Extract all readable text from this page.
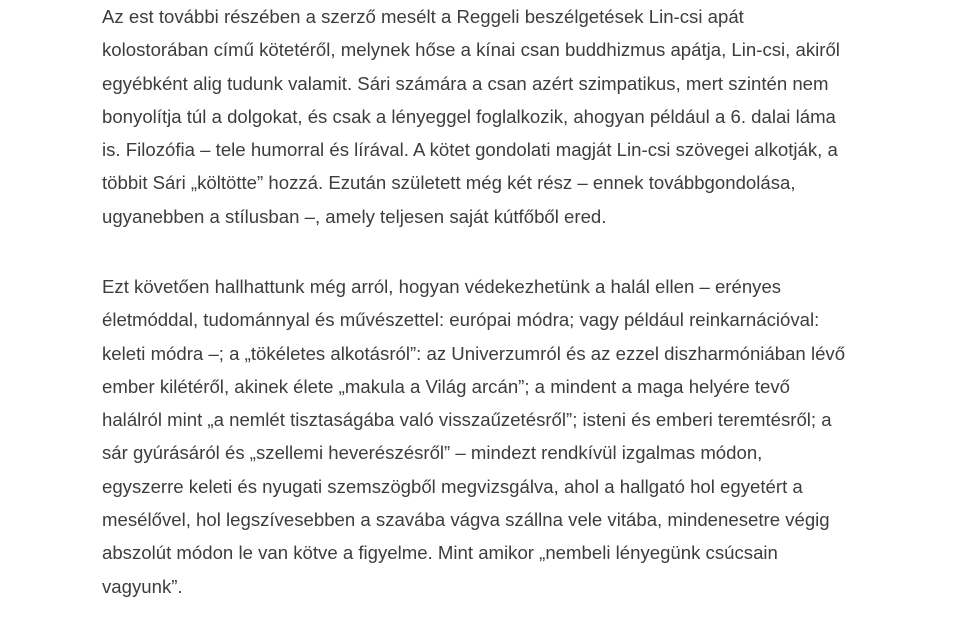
Az est további részében a szerző mesélt a Reggeli beszélgetések Lin-csi apát
kolostorában című kötetéről, melynek hőse a kínai csan buddhizmus apátja, Lin-csi, akiről
egyébként alig tudunk valamit. Sári számára a csan azért szimpatikus, mert szintén nem
bonyolítja túl a dolgokat, és csak a lényeggel foglalkozik, ahogyan például a 6. dalai láma
is. Filozófia – tele humorral és lírával. A kötet gondolati magját Lin-csi szövegei alkotják, a
többit Sári „költötte” hozzá. Ezután született még két rész – ennek továbbgondolása,
ugyanebben a stílusban –, amely teljesen saját kútfőből ered.

Ezt követően hallhattunk még arról, hogyan védekezhetünk a halál ellen – erényes
életmóddal, tudománnyal és művészettel: európai módra; vagy például reinkarnációval:
keleti módra –; a „tökéletes alkotásról”: az Univerzumról és az ezzel diszharmóniában lévő
ember kilétéről, akinek élete „makula a Világ arcán”; a mindent a maga helyére tevő
halálról mint „a nemlét tisztaságába való visszaűzetésről”; isteni és emberi teremtésről; a
sár gyúrásáról és „szellemi heverészésről” – mindezt rendkívül izgalmas módon,
egyszerre keleti és nyugati szemszögből megvizsgálva, ahol a hallgató hol egyetért a
mesélővel, hol legszívesebben a szavába vágva szállna vele vitába, mindenesetre végig
abszolút módon le van kötve a figyelme. Mint amikor „nembeli lényegünk csúcsain
vagyunk”.
